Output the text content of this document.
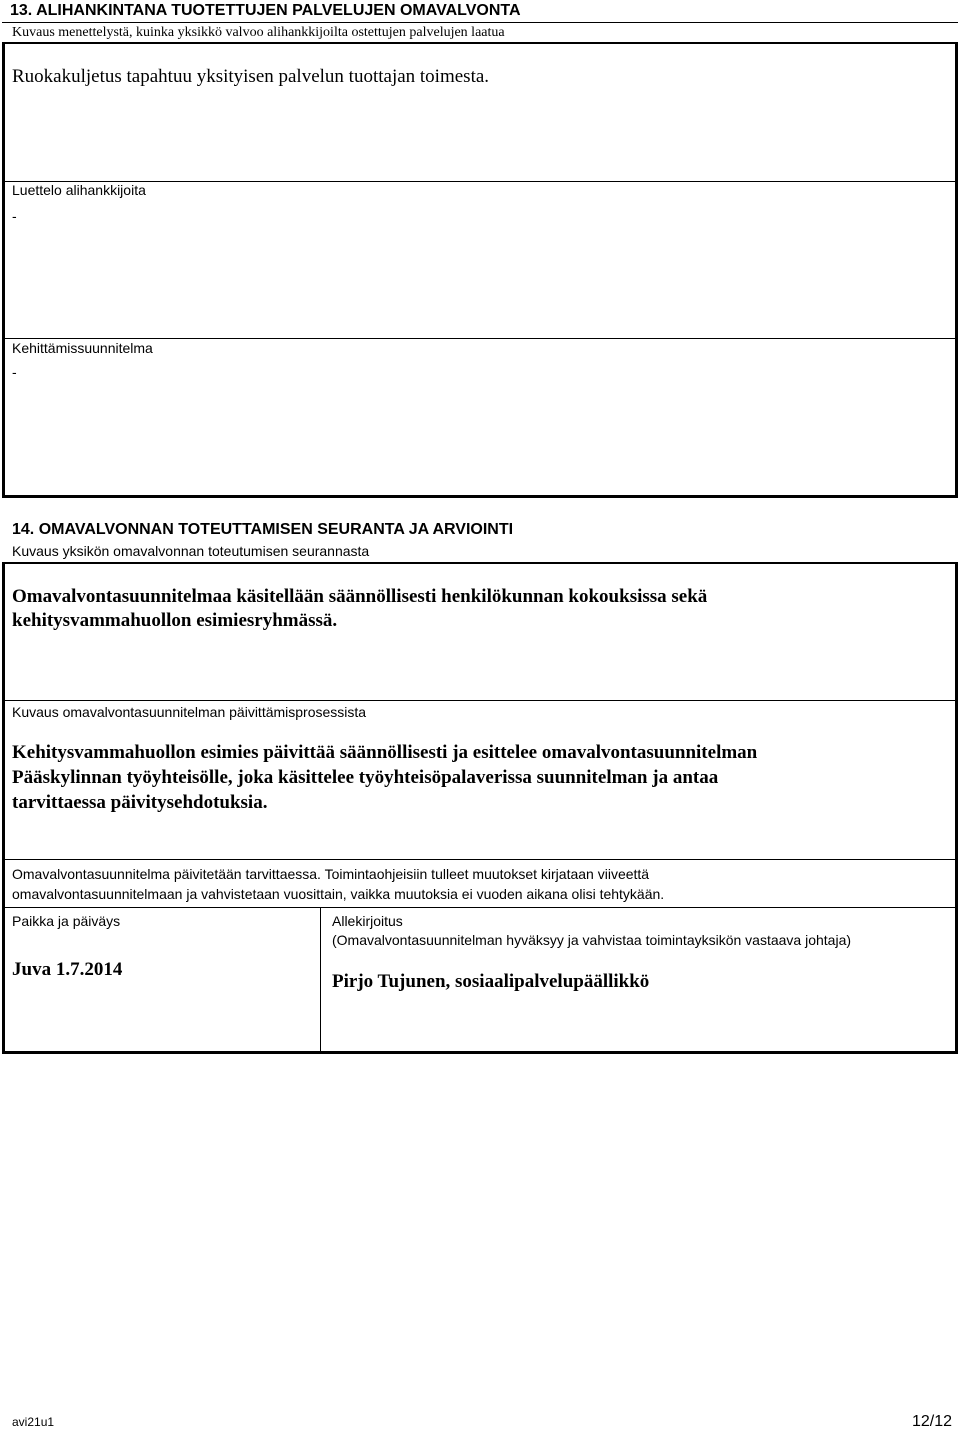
13. ALIHANKINTANA TUOTETTUJEN PALVELUJEN OMAVALVONTA
Kuvaus menettelystä, kuinka yksikkö valvoo alihankkijoilta ostettujen palvelujen laatua
Ruokakuljetus tapahtuu yksityisen palvelun tuottajan toimesta.
Luettelo alihankkijoita
-
Kehittämissuunnitelma
-
14. OMAVALVONNAN TOTEUTTAMISEN SEURANTA JA ARVIOINTI
Kuvaus yksikön omavalvonnan toteutumisen seurannasta
Omavalvontasuunnitelmaa käsitellään säännöllisesti henkilökunnan kokouksissa sekä
kehitysvammahuollon esimiesryhmässä.
Kuvaus omavalvontasuunnitelman päivittämisprosessista
Kehitysvammahuollon esimies päivittää säännöllisesti ja esittelee omavalvontasuunnitelman
Pääskylinnan työyhteisölle, joka käsittelee työyhteisöpalaverissa suunnitelman ja antaa
tarvittaessa päivitysehdotuksia.
Omavalvontasuunnitelma päivitetään tarvittaessa. Toimintaohjeisiin tulleet muutokset kirjataan viiveettä
omavalvontasuunnitelmaan ja vahvistetaan vuosittain, vaikka muutoksia ei vuoden aikana olisi tehtykään.
Paikka ja päiväys
Juva 1.7.2014
Allekirjoitus
(Omavalvontasuunnitelman hyväksyy ja vahvistaa toimintayksikön vastaava johtaja)
Pirjo Tujunen, sosiaalipalvelupäällikkö
avi21u1	12/12
